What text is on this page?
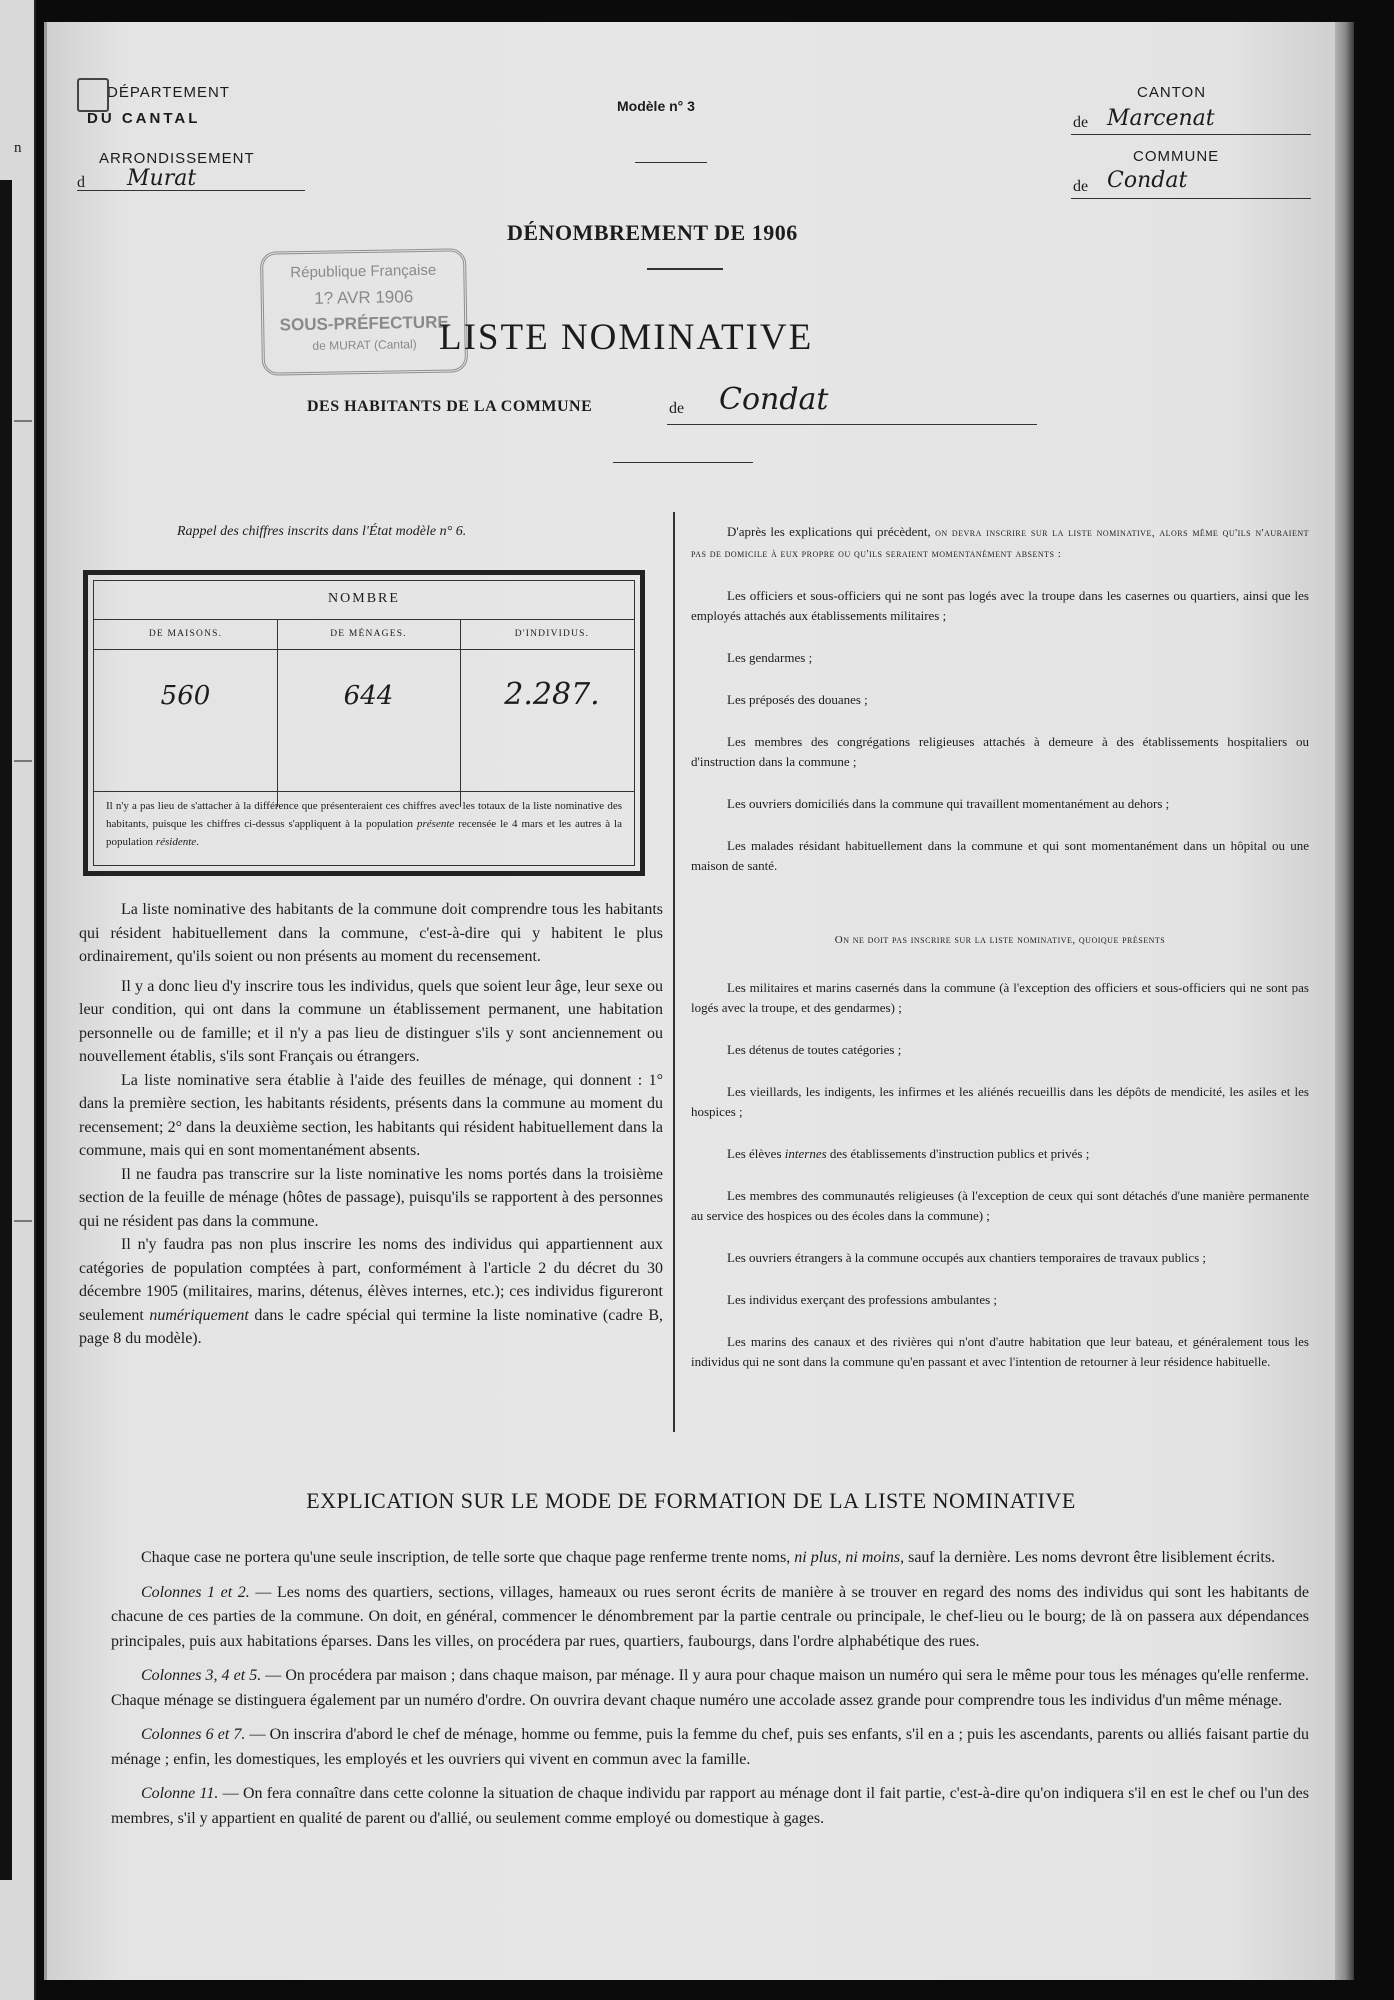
n
DÉPARTEMENT
DU CANTAL
ARRONDISSEMENT
d Murat
Modèle n° 3
CANTON
de Marcenat
COMMUNE
de Condat
DÉNOMBREMENT DE 1906
République Française
1? AVR 1906
SOUS-PRÉFECTURE
de MURAT (Cantal) LISTE NOMINATIVE
DES HABITANTS DE LA COMMUNE	de Condat
Rappel des chiffres inscrits dans l'État modèle n° 6.
NOMBRE
DE MAISONS.	DE MÉNAGES.	D'INDIVIDUS.
560	644	2.287.
Il n'y a pas lieu de s'attacher à la différence que présenteraient ces chiffres avec les totaux de la liste nominative des habitants, puisque les chiffres ci-dessus s'appliquent à la population présente recensée le 4 mars et les autres à la population résidente.

La liste nominative des habitants de la commune doit comprendre tous les habitants qui résident habituellement dans la commune, c'est-à-dire qui y habitent le plus ordinairement, qu'ils soient ou non présents au moment du recensement.

Il y a donc lieu d'y inscrire tous les individus, quels que soient leur âge, leur sexe ou leur condition, qui ont dans la commune un établissement permanent, une habitation personnelle ou de famille; et il n'y a pas lieu de distinguer s'ils y sont anciennement ou nouvellement établis, s'ils sont Français ou étrangers.

La liste nominative sera établie à l'aide des feuilles de ménage, qui donnent : 1° dans la première section, les habitants résidents, présents dans la commune au moment du recensement; 2° dans la deuxième section, les habitants qui résident habituellement dans la commune, mais qui en sont momentanément absents.

Il ne faudra pas transcrire sur la liste nominative les noms portés dans la troisième section de la feuille de ménage (hôtes de passage), puisqu'ils se rapportent à des personnes qui ne résident pas dans la commune.

Il n'y faudra pas non plus inscrire les noms des individus qui appartiennent aux catégories de population comptées à part, conformément à l'article 2 du décret du 30 décembre 1905 (militaires, marins, détenus, élèves internes, etc.); ces individus figureront seulement numériquement dans le cadre spécial qui termine la liste nominative (cadre B, page 8 du modèle).

D'après les explications qui précèdent, on devra inscrire sur la liste nominative, alors même qu'ils n'auraient pas de domicile à eux propre ou qu'ils seraient momentanément absents :

Les officiers et sous-officiers qui ne sont pas logés avec la troupe dans les casernes ou quartiers, ainsi que les employés attachés aux établissements militaires ;

Les gendarmes ;

Les préposés des douanes ;

Les membres des congrégations religieuses attachés à demeure à des établissements hospitaliers ou d'instruction dans la commune ;

Les ouvriers domiciliés dans la commune qui travaillent momentanément au dehors ;

Les malades résidant habituellement dans la commune et qui sont momentanément dans un hôpital ou une maison de santé.

On ne doit pas inscrire sur la liste nominative, quoique présents

Les militaires et marins casernés dans la commune (à l'exception des officiers et sous-officiers qui ne sont pas logés avec la troupe, et des gendarmes) ;

Les détenus de toutes catégories ;

Les vieillards, les indigents, les infirmes et les aliénés recueillis dans les dépôts de mendicité, les asiles et les hospices ;

Les élèves internes des établissements d'instruction publics et privés ;

Les membres des communautés religieuses (à l'exception de ceux qui sont détachés d'une manière permanente au service des hospices ou des écoles dans la commune) ;

Les ouvriers étrangers à la commune occupés aux chantiers temporaires de travaux publics ;

Les individus exerçant des professions ambulantes ;

Les marins des canaux et des rivières qui n'ont d'autre habitation que leur bateau, et généralement tous les individus qui ne sont dans la commune qu'en passant et avec l'intention de retourner à leur résidence habituelle.

EXPLICATION SUR LE MODE DE FORMATION DE LA LISTE NOMINATIVE

Chaque case ne portera qu'une seule inscription, de telle sorte que chaque page renferme trente noms, ni plus, ni moins, sauf la dernière. Les noms devront être lisiblement écrits.

Colonnes 1 et 2. — Les noms des quartiers, sections, villages, hameaux ou rues seront écrits de manière à se trouver en regard des noms des individus qui sont les habitants de chacune de ces parties de la commune. On doit, en général, commencer le dénombrement par la partie centrale ou principale, le chef-lieu ou le bourg; de là on passera aux dépendances principales, puis aux habitations éparses. Dans les villes, on procédera par rues, quartiers, faubourgs, dans l'ordre alphabétique des rues.

Colonnes 3, 4 et 5. — On procédera par maison ; dans chaque maison, par ménage. Il y aura pour chaque maison un numéro qui sera le même pour tous les ménages qu'elle renferme. Chaque ménage se distinguera également par un numéro d'ordre. On ouvrira devant chaque numéro une accolade assez grande pour comprendre tous les individus d'un même ménage.

Colonnes 6 et 7. — On inscrira d'abord le chef de ménage, homme ou femme, puis la femme du chef, puis ses enfants, s'il en a ; puis les ascendants, parents ou alliés faisant partie du ménage ; enfin, les domestiques, les employés et les ouvriers qui vivent en commun avec la famille.

Colonne 11. — On fera connaître dans cette colonne la situation de chaque individu par rapport au ménage dont il fait partie, c'est-à-dire qu'on indiquera s'il en est le chef ou l'un des membres, s'il y appartient en qualité de parent ou d'allié, ou seulement comme employé ou domestique à gages.
